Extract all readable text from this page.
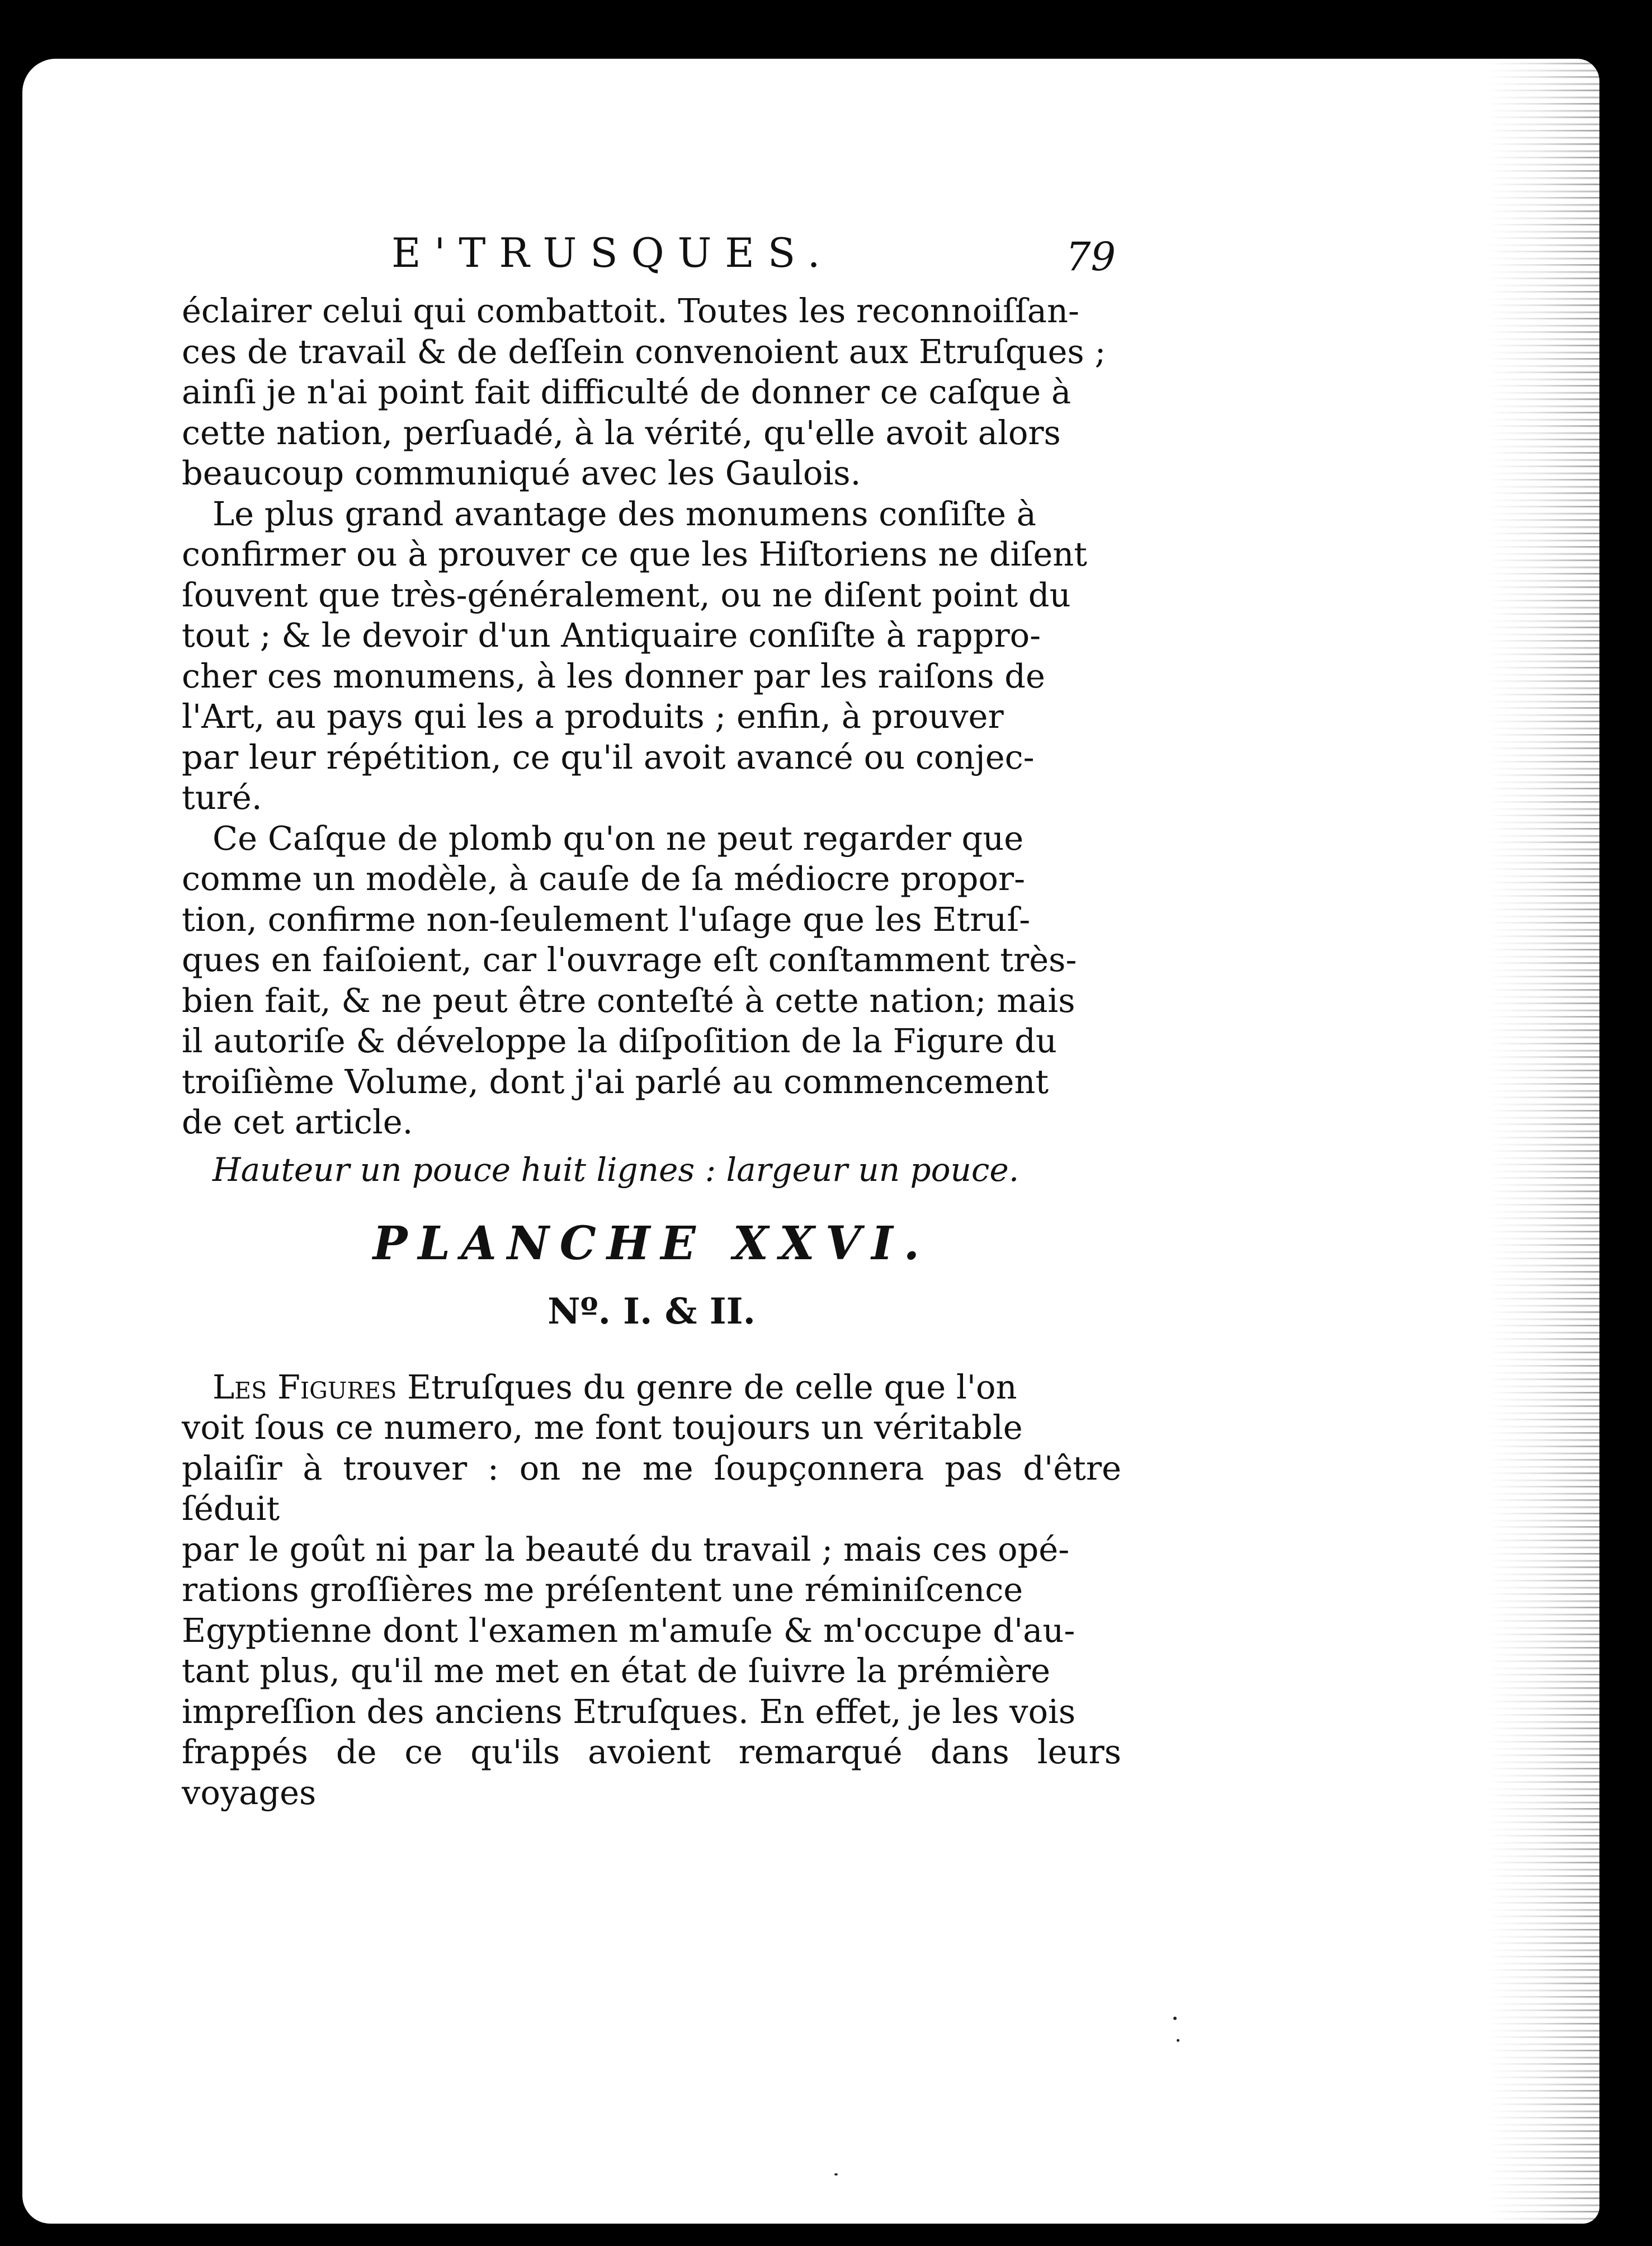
E'TRUSQUES.	79

éclairer celui qui combattoit. Toutes les reconnoiſſan-
ces de travail & de deſſein convenoient aux Etruſques ;
ainſi je n'ai point fait difficulté de donner ce caſque à
cette nation, perſuadé, à la vérité, qu'elle avoit alors
beaucoup communiqué avec les Gaulois.

Le plus grand avantage des monumens conſiſte à
confirmer ou à prouver ce que les Hiſtoriens ne diſent
ſouvent que très-généralement, ou ne diſent point du
tout ; & le devoir d'un Antiquaire conſiſte à rappro-
cher ces monumens, à les donner par les raiſons de
l'Art, au pays qui les a produits ; enfin, à prouver
par leur répétition, ce qu'il avoit avancé ou conjec-
turé.

Ce Caſque de plomb qu'on ne peut regarder que
comme un modèle, à cauſe de ſa médiocre propor-
tion, confirme non-ſeulement l'uſage que les Etruſ-
ques en faiſoient, car l'ouvrage eſt conſtamment très-
bien fait, & ne peut être conteſté à cette nation; mais
il autoriſe & développe la diſpoſition de la Figure du
troiſième Volume, dont j'ai parlé au commencement
de cet article.

Hauteur un pouce huit lignes : largeur un pouce.

PLANCHE XXVI.
Nº. I. & II.

Les Figures Etruſques du genre de celle que l'on
voit ſous ce numero, me font toujours un véritable
plaiſir à trouver : on ne me ſoupçonnera pas d'être ſéduit
par le goût ni par la beauté du travail ; mais ces opé-
rations groſſières me préſentent une réminiſcence
Egyptienne dont l'examen m'amuſe & m'occupe d'au-
tant plus, qu'il me met en état de ſuivre la prémière
impreſſion des anciens Etruſques. En effet, je les vois
frappés de ce qu'ils avoient remarqué dans leurs voyages
